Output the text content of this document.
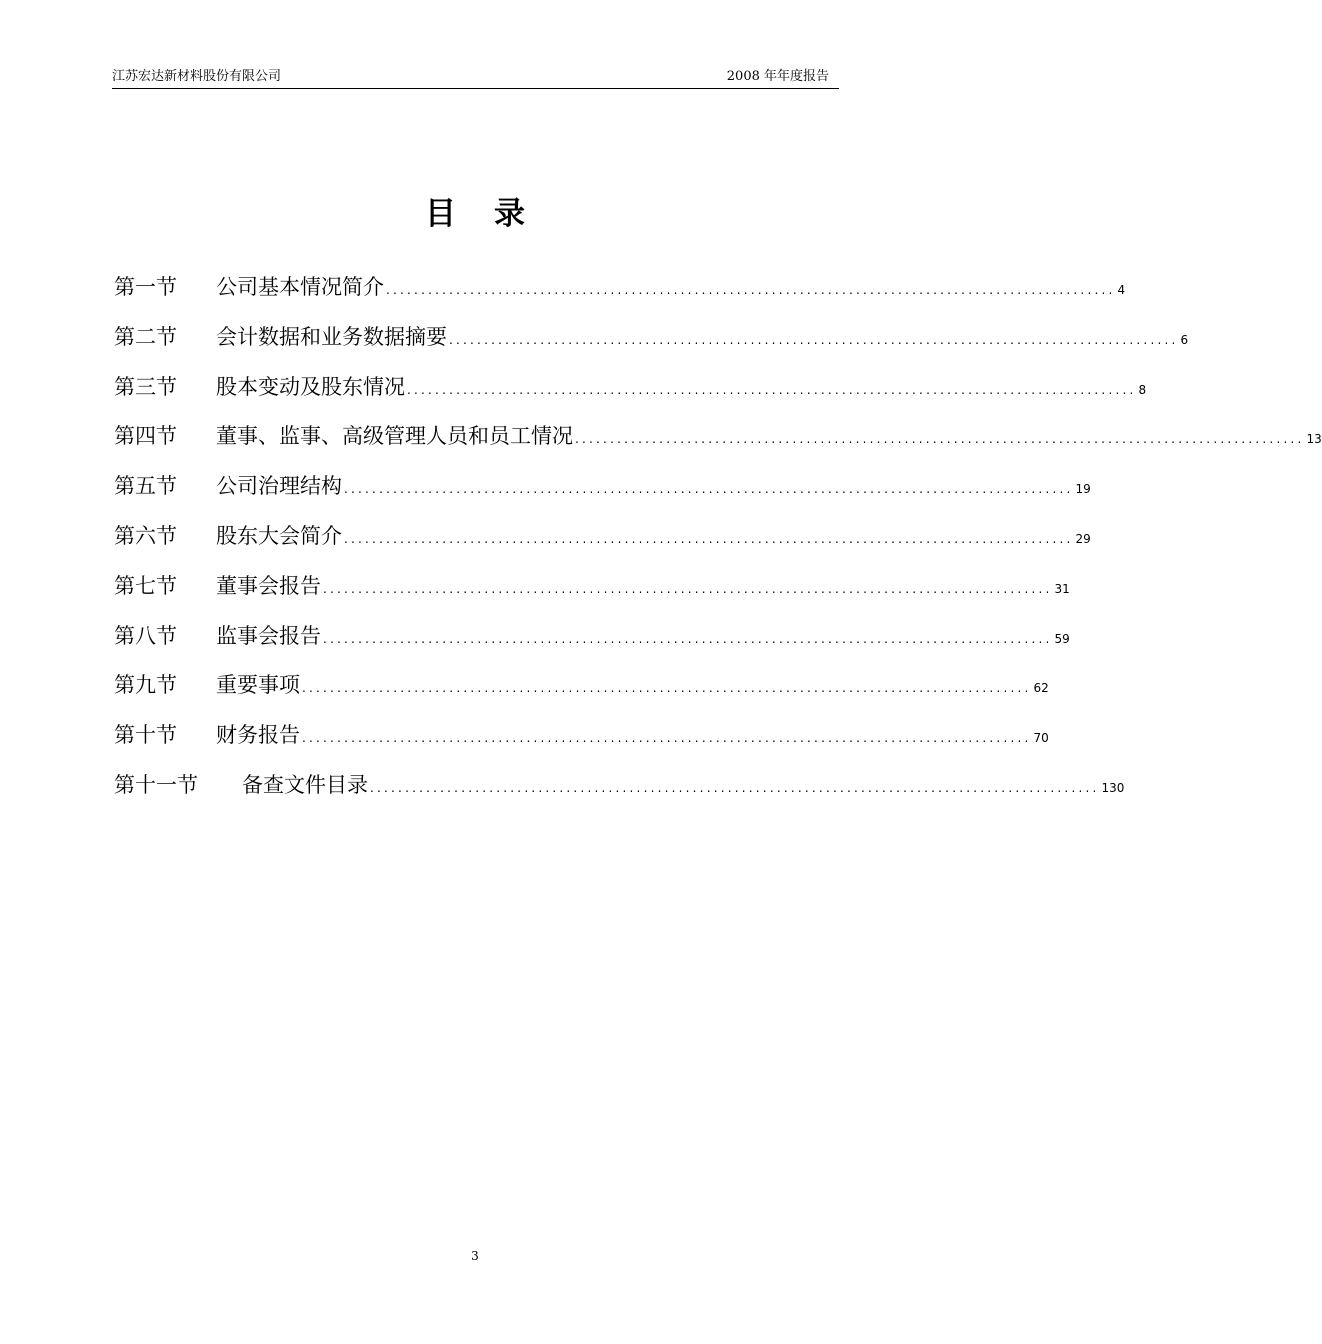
江苏宏达新材料股份有限公司	2008 年年度报告
目录
第一节	公司基本情况简介 ........................................................................................................ 4
第二节	会计数据和业务数据摘要 ........................................................................................................ 6
第三节	股本变动及股东情况 ........................................................................................................ 8
第四节	董事、监事、高级管理人员和员工情况 ........................................................................................................ 13
第五节	公司治理结构 ........................................................................................................ 19
第六节	股东大会简介 ........................................................................................................ 29
第七节	董事会报告 ........................................................................................................ 31
第八节	监事会报告 ........................................................................................................ 59
第九节	重要事项 ........................................................................................................ 62
第十节	财务报告 ........................................................................................................ 70
第十一节	备查文件目录 ........................................................................................................ 130
3
